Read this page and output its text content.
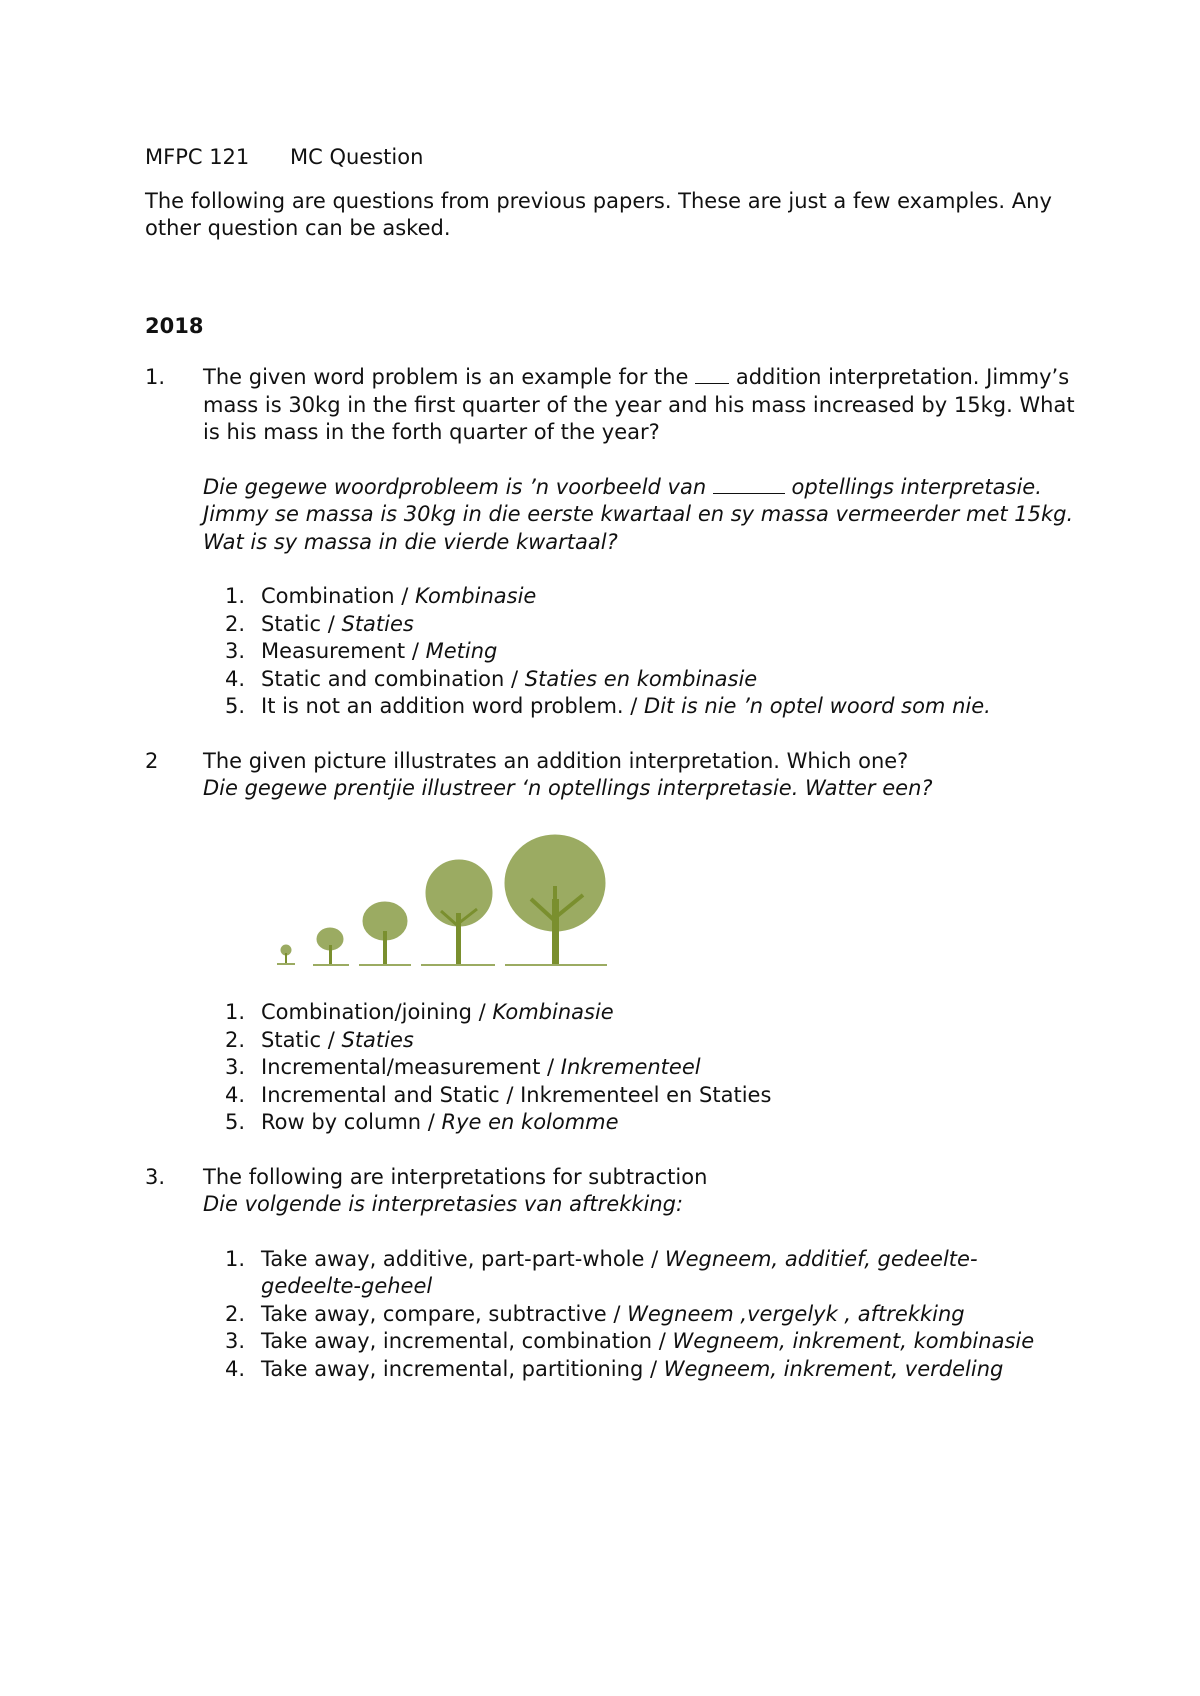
MFPC 121	MC Question
The following are questions from previous papers. These are just a few examples. Any other question can be asked.
2018
1.	The given word problem is an example for the addition interpretation. Jimmy’s mass is 30kg in the first quarter of the year and his mass increased by 15kg. What is his mass in the forth quarter of the year?
Die gegewe woordprobleem is ’n voorbeeld van	optellings interpretasie.
Jimmy se massa is 30kg in die eerste kwartaal en sy massa vermeerder met 15kg. Wat is sy massa in die vierde kwartaal?
1. Combination / Kombinasie
2. Static / Staties
3. Measurement / Meting
4. Static and combination / Staties en kombinasie
5. It is not an addition word problem. / Dit is nie ’n optel woord som nie.
2	The given picture illustrates an addition interpretation. Which one?
Die gegewe prentjie illustreer ‘n optellings interpretasie. Watter een?
1. Combination/joining / Kombinasie
2. Static / Staties
3. Incremental/measurement / Inkrementeel
4. Incremental and Static / Inkrementeel en Staties
5. Row by column / Rye en kolomme
3.	The following are interpretations for subtraction
Die volgende is interpretasies van aftrekking:
1. Take away, additive, part-part-whole / Wegneem, additief, gedeelte-gedeelte-geheel
2. Take away, compare, subtractive / Wegneem ,vergelyk , aftrekking
3. Take away, incremental, combination / Wegneem, inkrement, kombinasie
4. Take away, incremental, partitioning / Wegneem, inkrement, verdeling
